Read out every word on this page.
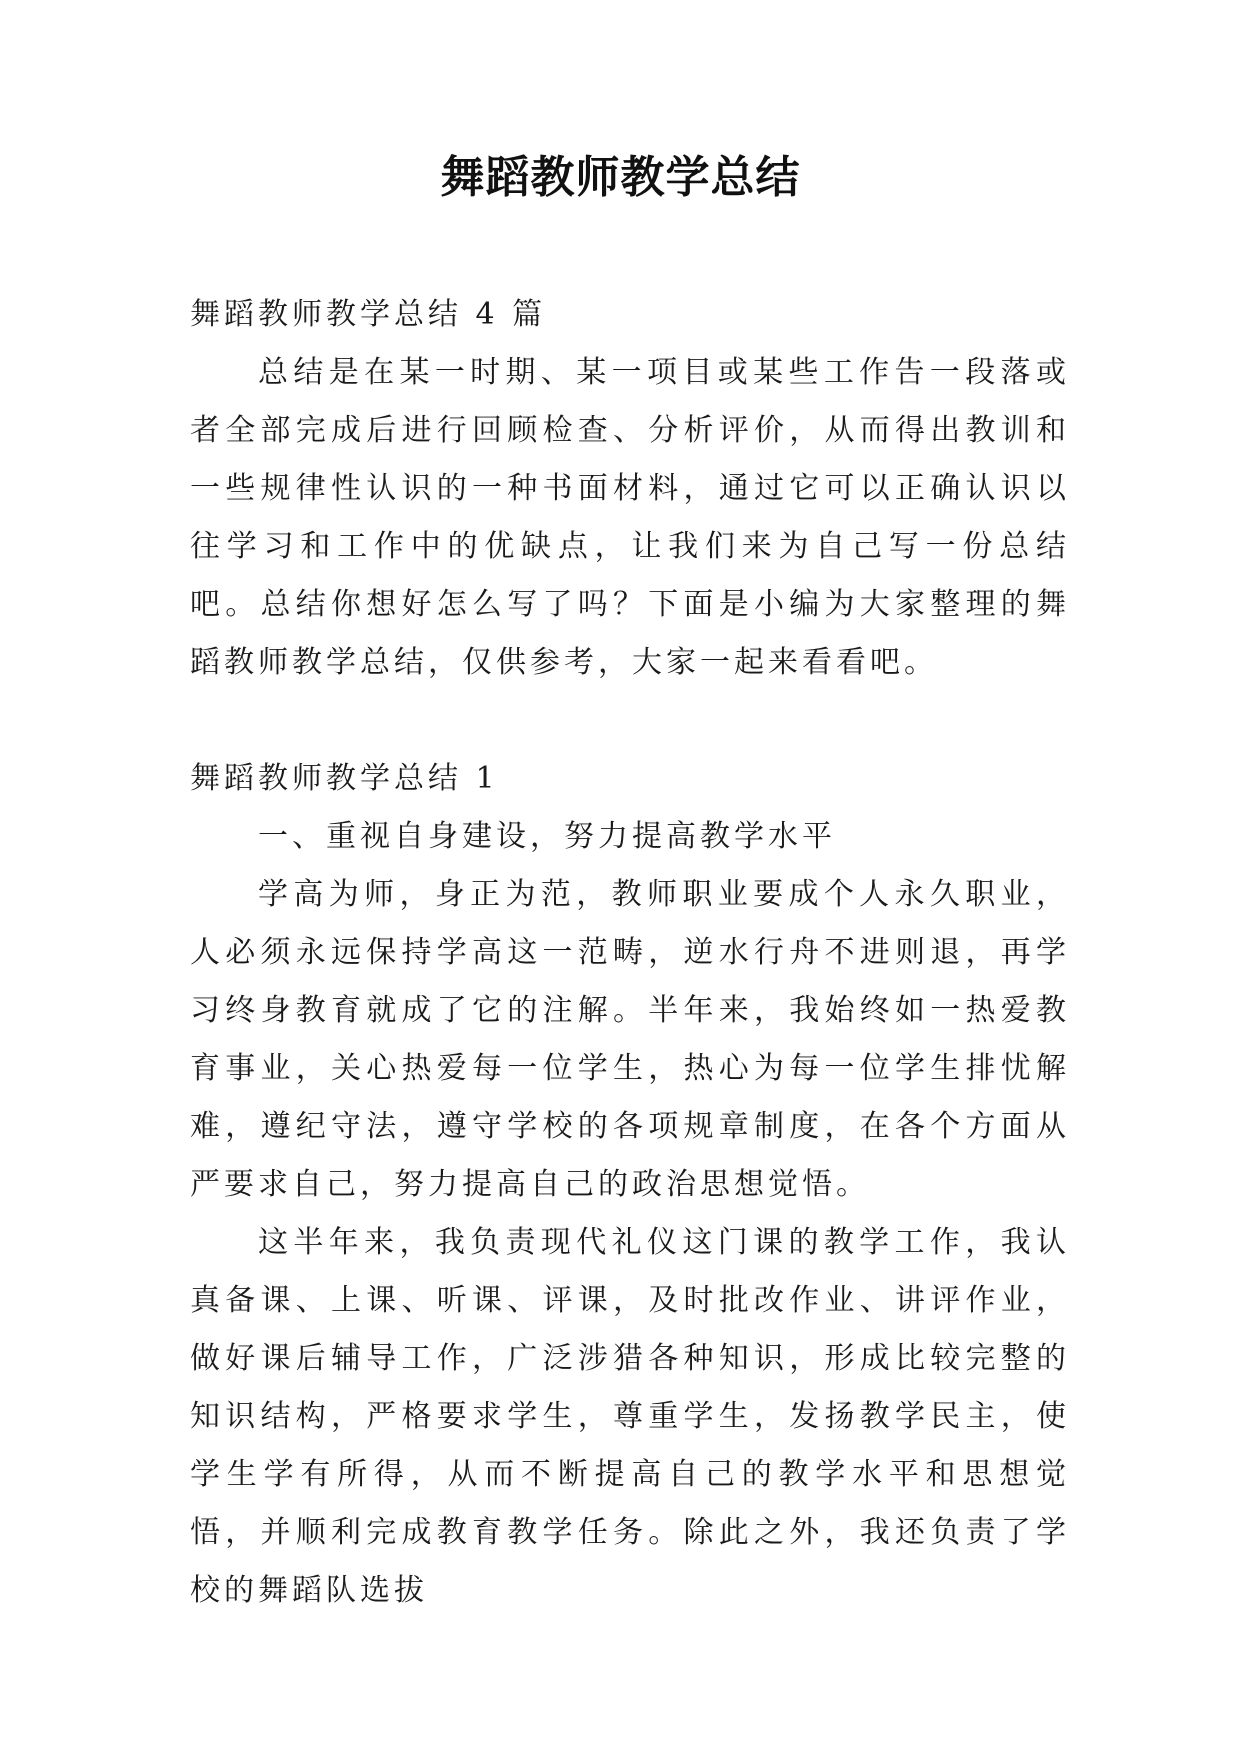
舞蹈教师教学总结

舞蹈教师教学总结 4 篇

总结是在某一时期、某一项目或某些工作告一段落或者全部完成后进行回顾检查、分析评价，从而得出教训和一些规律性认识的一种书面材料，通过它可以正确认识以往学习和工作中的优缺点，让我们来为自己写一份总结吧。总结你想好怎么写了吗？下面是小编为大家整理的舞蹈教师教学总结，仅供参考，大家一起来看看吧。

舞蹈教师教学总结 1

一、重视自身建设，努力提高教学水平

学高为师，身正为范，教师职业要成个人永久职业，人必须永远保持学高这一范畴，逆水行舟不进则退，再学习终身教育就成了它的注解。半年来，我始终如一热爱教育事业，关心热爱每一位学生，热心为每一位学生排忧解难，遵纪守法，遵守学校的各项规章制度，在各个方面从严要求自己，努力提高自己的政治思想觉悟。

这半年来，我负责现代礼仪这门课的教学工作，我认真备课、上课、听课、评课，及时批改作业、讲评作业，做好课后辅导工作，广泛涉猎各种知识，形成比较完整的知识结构，严格要求学生，尊重学生，发扬教学民主，使学生学有所得，从而不断提高自己的教学水平和思想觉悟，并顺利完成教育教学任务。除此之外，我还负责了学校的舞蹈队选拔
